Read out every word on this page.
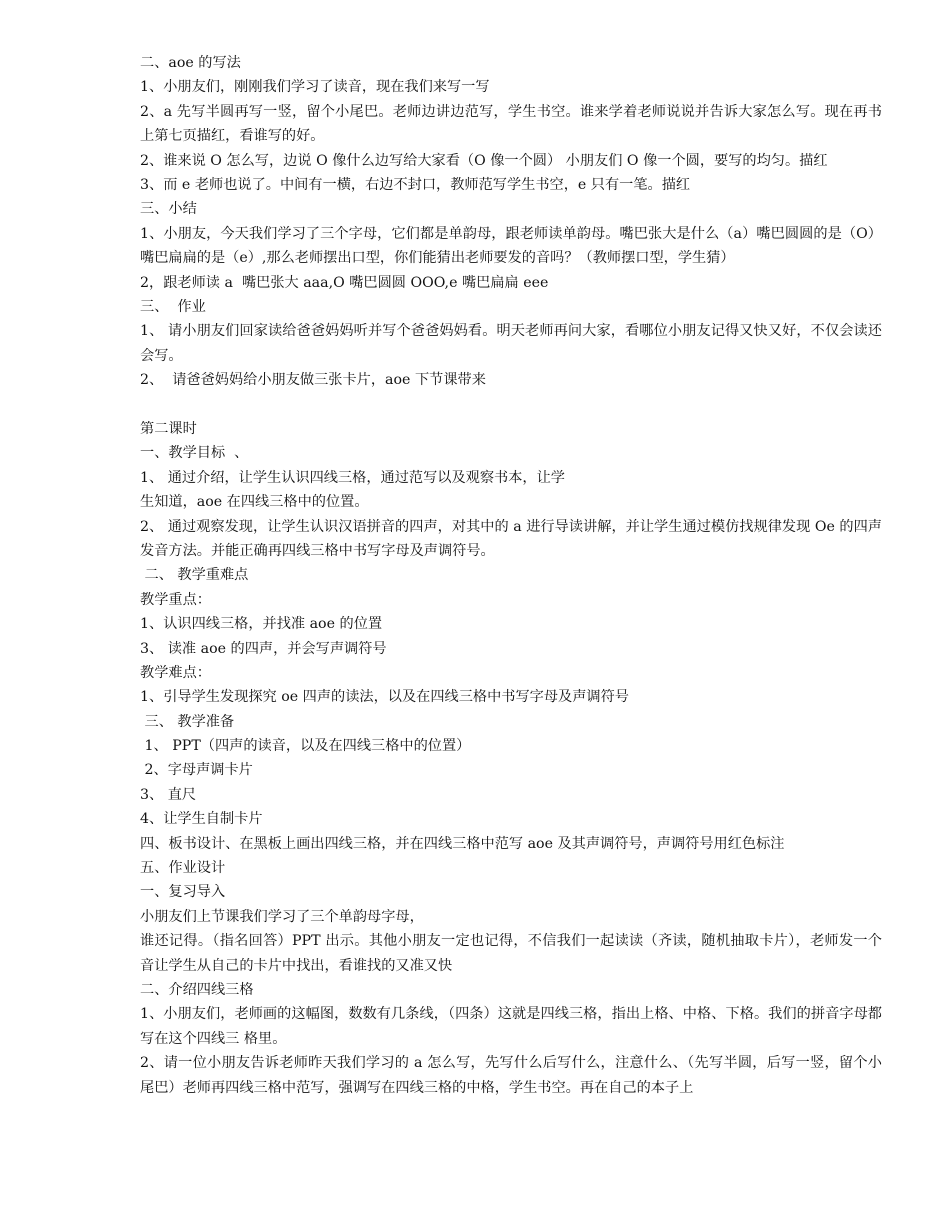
二、aoe 的写法
1、小朋友们，刚刚我们学习了读音，现在我们来写一写
2、a 先写半圆再写一竖，留个小尾巴。老师边讲边范写，学生书空。谁来学着老师说说并告诉大家怎么写。现在再书上第七页描红，看谁写的好。
2、谁来说 O 怎么写，边说 O 像什么边写给大家看（O 像一个圆） 小朋友们 O 像一个圆，要写的均匀。描红
3、而 e 老师也说了。中间有一横，右边不封口，教师范写学生书空，e 只有一笔。描红
三、小结
1、小朋友，今天我们学习了三个字母，它们都是单韵母，跟老师读单韵母。嘴巴张大是什么（a）嘴巴圆圆的是（O）嘴巴扁扁的是（e）,那么老师摆出口型，你们能猜出老师要发的音吗？（教师摆口型，学生猜）
2，跟老师读 a  嘴巴张大 aaa,O 嘴巴圆圆 OOO,e 嘴巴扁扁 eee
三、  作业
1、 请小朋友们回家读给爸爸妈妈听并写个爸爸妈妈看。明天老师再问大家，看哪位小朋友记得又快又好，不仅会读还会写。
2、  请爸爸妈妈给小朋友做三张卡片，aoe 下节课带来
第二课时
一、教学目标  、
1、 通过介绍，让学生认识四线三格，通过范写以及观察书本，让学
生知道，aoe 在四线三格中的位置。
2、 通过观察发现，让学生认识汉语拼音的四声，对其中的 a 进行导读讲解，并让学生通过模仿找规律发现 Oe 的四声发音方法。并能正确再四线三格中书写字母及声调符号。
二、 教学重难点
教学重点：
1、认识四线三格，并找准 aoe 的位置
3、 读准 aoe 的四声，并会写声调符号
教学难点：
1、引导学生发现探究 oe 四声的读法，以及在四线三格中书写字母及声调符号
三、 教学准备
1、 PPT（四声的读音，以及在四线三格中的位置）
2、字母声调卡片
3、 直尺
4、让学生自制卡片
四、板书设计、在黑板上画出四线三格，并在四线三格中范写 aoe 及其声调符号，声调符号用红色标注
五、作业设计
一、复习导入
小朋友们上节课我们学习了三个单韵母字母，
谁还记得。（指名回答）PPT 出示。其他小朋友一定也记得，不信我们一起读读（齐读，随机抽取卡片），老师发一个音让学生从自己的卡片中找出，看谁找的又准又快
二、介绍四线三格
1、小朋友们，老师画的这幅图，数数有几条线，（四条）这就是四线三格，指出上格、中格、下格。我们的拼音字母都写在这个四线三 格里。
2、请一位小朋友告诉老师昨天我们学习的 a 怎么写，先写什么后写什么，注意什么、（先写半圆，后写一竖，留个小尾巴）老师再四线三格中范写，强调写在四线三格的中格，学生书空。再在自己的本子上
